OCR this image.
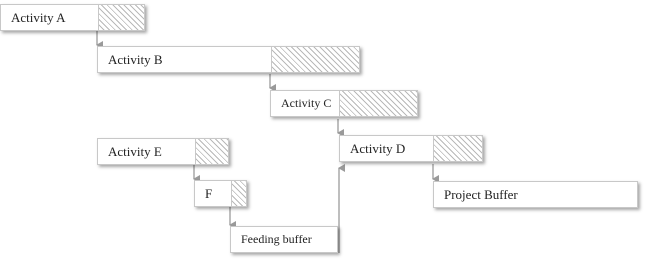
Activity A
Activity B
Activity C
Activity D
Activity E
F
Feeding buffer
Project Buffer
